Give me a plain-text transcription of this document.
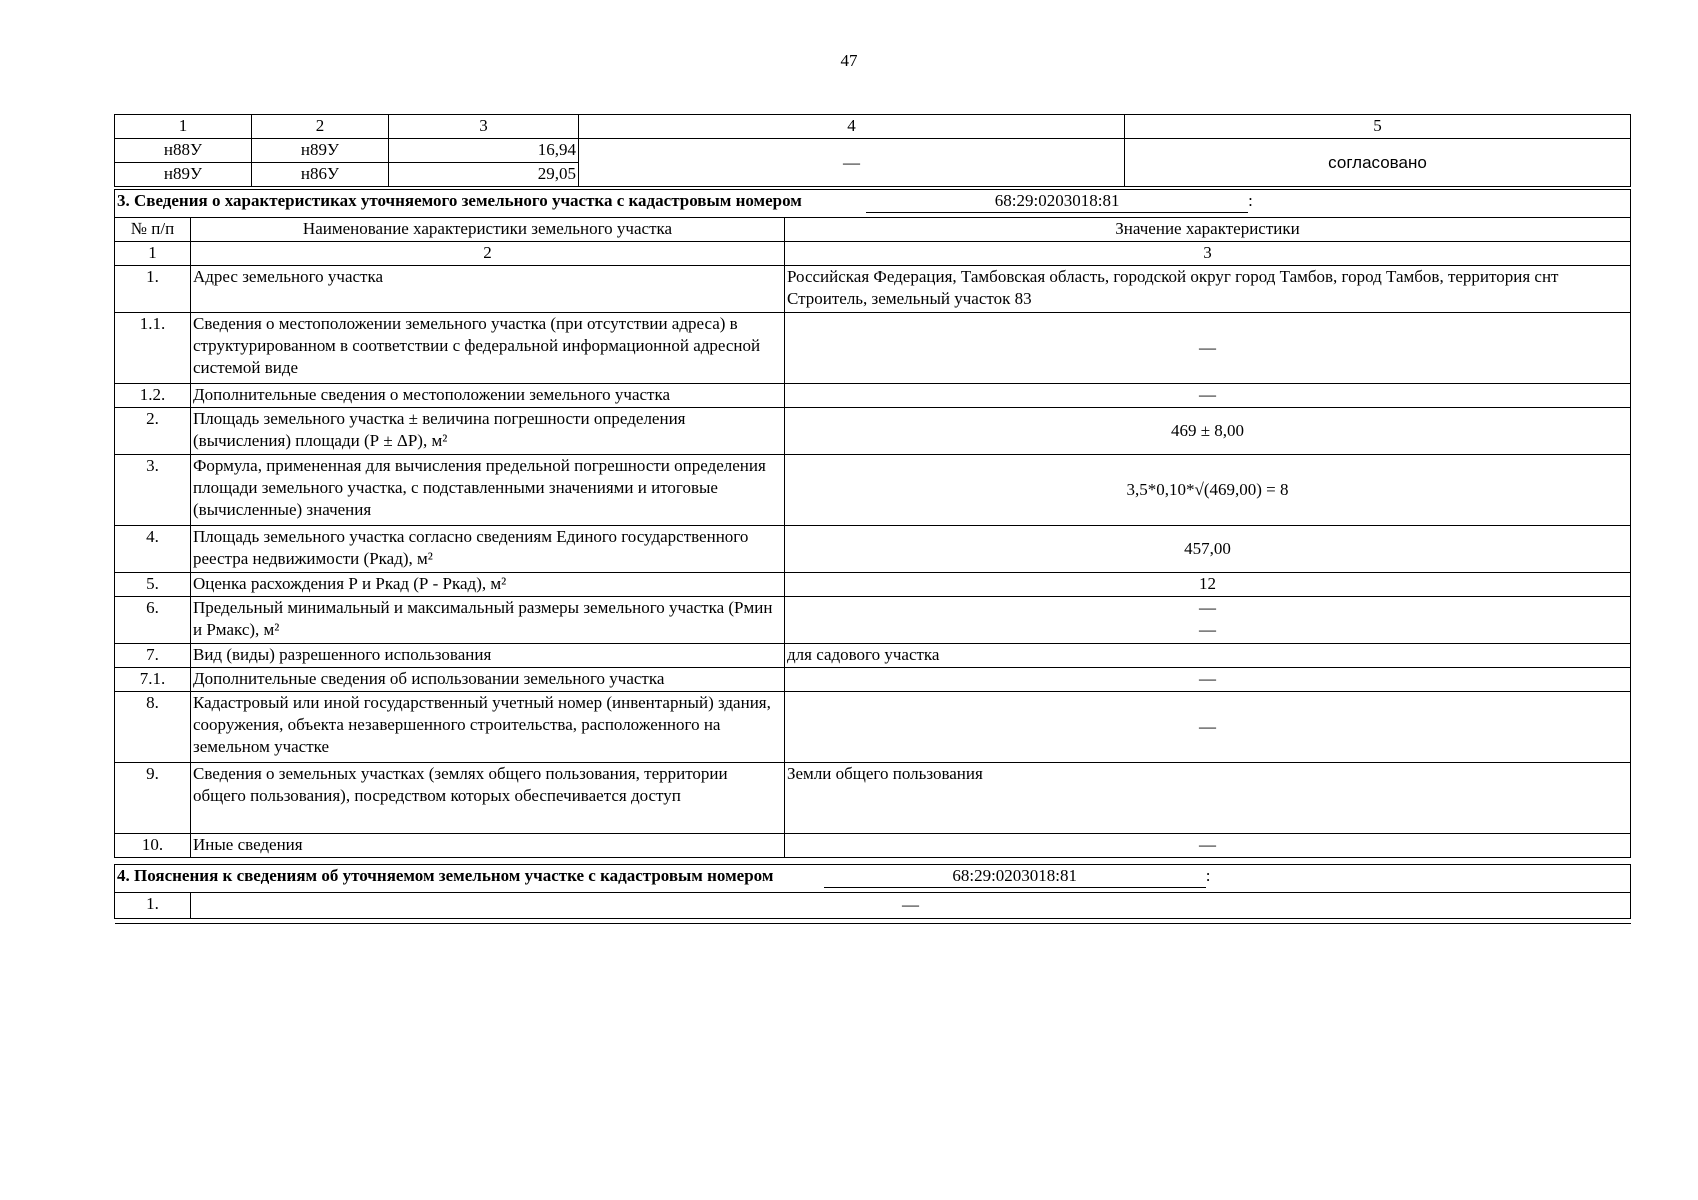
47
1	2	3	4	5
н88У	н89У	16,94	—	согласовано
н89У	н86У	29,05		
3. Сведения о характеристиках уточняемого земельного участка с кадастровым номером 68:29:0203018:81 :		
№ п/п	Наименование характеристики земельного участка	Значение характеристики
1	2	3
1.	Адрес земельного участка	Российская Федерация, Тамбовская область, городской округ город Тамбов, город Тамбов, территория снт Строитель, земельный участок 83
1.1.	Сведения о местоположении земельного участка (при отсутствии адреса) в структурированном в соответствии с федеральной информационной адресной системой виде	—
1.2.	Дополнительные сведения о местоположении земельного участка	—
2.	Площадь земельного участка ± величина погрешности определения (вычисления) площади (Р ± ΔР), м²	469 ± 8,00
3.	Формула, примененная для вычисления предельной погрешности определения площади земельного участка, с подставленными значениями и итоговые (вычисленные) значения	3,5*0,10*√(469,00) = 8
4.	Площадь земельного участка согласно сведениям Единого государственного реестра недвижимости (Ркад), м²	457,00
5.	Оценка расхождения Р и Ркад (Р - Ркад), м²	12
6.	Предельный минимальный и максимальный размеры земельного участка (Рмин и Рмакс), м²	—
—

7.	Вид (виды) разрешенного использования	для садового участка
7.1.	Дополнительные сведения об использовании земельного участка	—
8.	Кадастровый или иной государственный учетный номер (инвентарный) здания, сооружения, объекта незавершенного строительства, расположенного на земельном участке	—
9.	Сведения о земельных участках (землях общего пользования, территории общего пользования), посредством которых обеспечивается доступ	Земли общего пользования
10.	Иные сведения	—
4. Пояснения к сведениям об уточняемом земельном участке с кадастровым номером	68:29:0203018:81	:
1.	—
